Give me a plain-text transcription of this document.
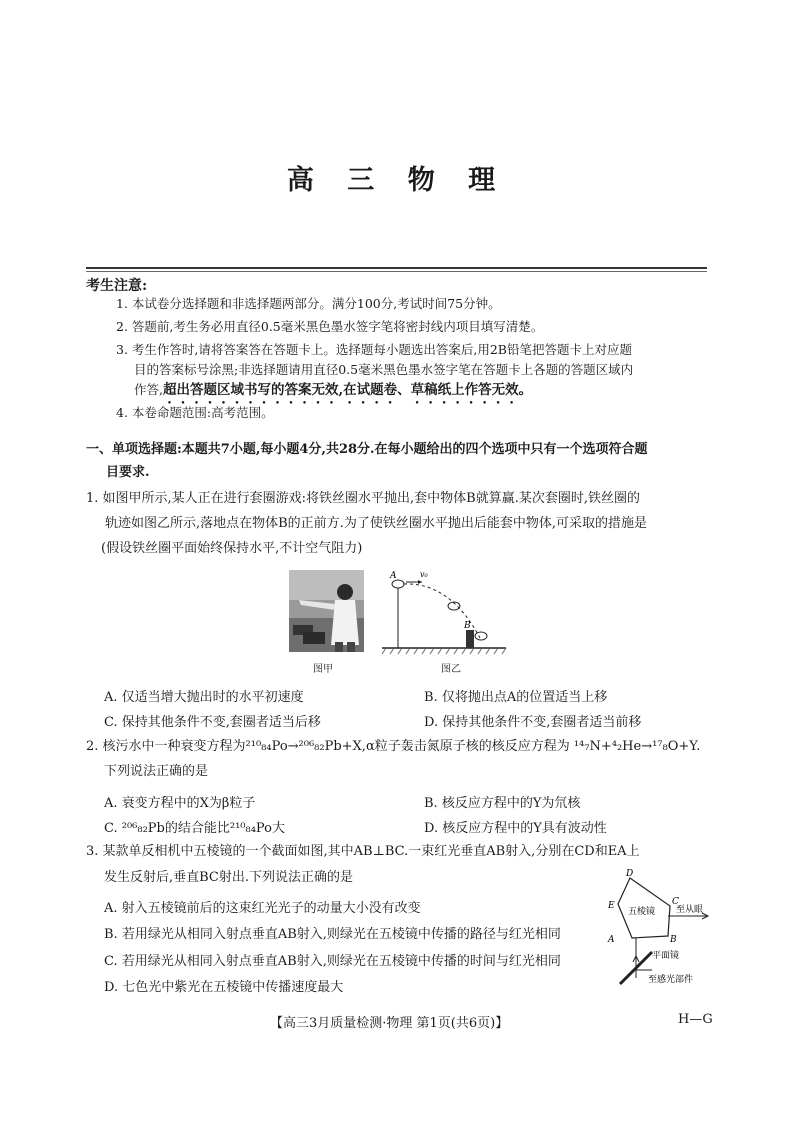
高 三 物 理
考生注意:
1. 本试卷分选择题和非选择题两部分。满分100分,考试时间75分钟。
2. 答题前,考生务必用直径0.5毫米黑色墨水签字笔将密封线内项目填写清楚。
3. 考生作答时,请将答案答在答题卡上。选择题每小题选出答案后,用2B铅笔把答题卡上对应题
目的答案标号涂黑;非选择题请用直径0.5毫米黑色墨水签字笔在答题卡上各题的答题区域内
作答,超出答题区域书写的答案无效,在试题卷、草稿纸上作答无效。
4. 本卷命题范围:高考范围。
一、单项选择题:本题共7小题,每小题4分,共28分.在每小题给出的四个选项中只有一个选项符合题
目要求.
1. 如图甲所示,某人正在进行套圈游戏:将铁丝圈水平抛出,套中物体B就算赢.某次套圈时,铁丝圈的
轨迹如图乙所示,落地点在物体B的正前方.为了使铁丝圈水平抛出后能套中物体,可采取的措施是
(假设铁丝圈平面始终保持水平,不计空气阻力)
图甲
A	v₀
B
图乙
A. 仅适当增大抛出时的水平初速度	B. 仅将抛出点A的位置适当上移
C. 保持其他条件不变,套圈者适当后移	D. 保持其他条件不变,套圈者适当前移
2. 核污水中一种衰变方程为²¹⁰₈₄Po→²⁰⁶₈₂Pb+X,α粒子轰击氮原子核的核反应方程为 ¹⁴₇N+⁴₂He→¹⁷₈O+Y.
下列说法正确的是
A. 衰变方程中的X为β粒子	B. 核反应方程中的Y为氘核
C. ²⁰⁶₈₂Pb的结合能比²¹⁰₈₄Po大	D. 核反应方程中的Y具有波动性
3. 某款单反相机中五棱镜的一个截面如图,其中AB⊥BC.一束红光垂直AB射入,分别在CD和EA上
发生反射后,垂直BC射出.下列说法正确的是
A. 射入五棱镜前后的这束红光光子的动量大小没有改变
B. 若用绿光从相同入射点垂直AB射入,则绿光在五棱镜中传播的路径与红光相同
C. 若用绿光从相同入射点垂直AB射入,则绿光在五棱镜中传播的时间与红光相同
D. 七色光中紫光在五棱镜中传播速度最大
D
E	C
A	B
五棱镜 至从眼
平面镜
至感光部件
【高三3月质量检测·物理 第1页(共6页)】	H—G
